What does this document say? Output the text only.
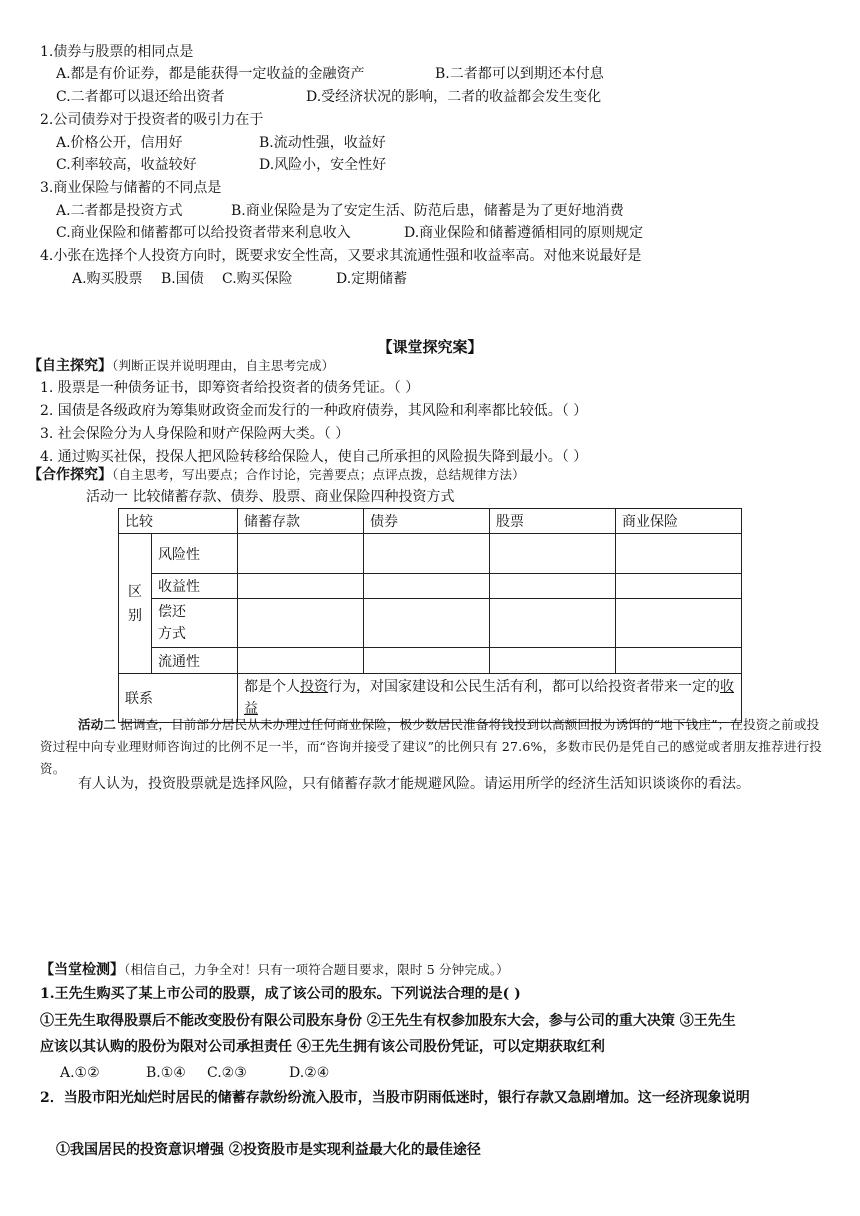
1.债券与股票的相同点是
A.都是有价证券，都是能获得一定收益的金融资产	B.二者都可以到期还本付息
C.二者都可以退还给出资者	D.受经济状况的影响，二者的收益都会发生变化
2.公司债券对于投资者的吸引力在于
A.价格公开，信用好	B.流动性强，收益好
C.利率较高，收益较好	D.风险小，安全性好
3.商业保险与储蓄的不同点是
A.二者都是投资方式	B.商业保险是为了安定生活、防范后患，储蓄是为了更好地消费
C.商业保险和储蓄都可以给投资者带来利息收入	D.商业保险和储蓄遵循相同的原则规定
4.小张在选择个人投资方向时，既要求安全性高，又要求其流通性强和收益率高。对他来说最好是
A.购买股票 B.国债 C.购买保险	D.定期储蓄
【课堂探究案】
【自主探究】（判断正误并说明理由，自主思考完成）
1. 股票是一种债务证书，即筹资者给投资者的债务凭证。（ ）
2. 国债是各级政府为筹集财政资金而发行的一种政府债券，其风险和利率都比较低。（ ）
3. 社会保险分为人身保险和财产保险两大类。（ ）
4. 通过购买社保，投保人把风险转移给保险人，使自己所承担的风险损失降到最小。（ ）
【合作探究】（自主思考，写出要点；合作讨论，完善要点；点评点拨，总结规律方法）
活动一 比较储蓄存款、债券、股票、商业保险四种投资方式
比较		储蓄存款	债券	股票	商业保险
区
别	风险性				
	收益性				
	偿还
方式				
	流通性				
联系		都是个人投资行为，对国家建设和公民生活有利，都可以给投资者带来一定的收益			
活动二 据调查，目前部分居民从未办理过任何商业保险，极少数居民准备将钱投到以高额回报为诱饵的“地下钱庄”；在投资之前或投资过程中向专业理财师咨询过的比例不足一半，而“咨询并接受了建议”的比例只有 27.6%，多数市民仍是凭自己的感觉或者朋友推荐进行投资。
有人认为，投资股票就是选择风险，只有储蓄存款才能规避风险。请运用所学的经济生活知识谈谈你的看法。
【当堂检测】（相信自己，力争全对！只有一项符合题目要求，限时 5 分钟完成。）
1.王先生购买了某上市公司的股票，成了该公司的股东。下列说法合理的是( )
①王先生取得股票后不能改变股份有限公司股东身份 ②王先生有权参加股东大会，参与公司的重大决策 ③王先生
应该以其认购的股份为限对公司承担责任 ④王先生拥有该公司股份凭证，可以定期获取红利
A.①②	B.①④ C.②③	D.②④
2．当股市阳光灿烂时居民的储蓄存款纷纷流入股市，当股市阴雨低迷时，银行存款又急剧增加。这一经济现象说明
①我国居民的投资意识增强 ②投资股市是实现利益最大化的最佳途径
